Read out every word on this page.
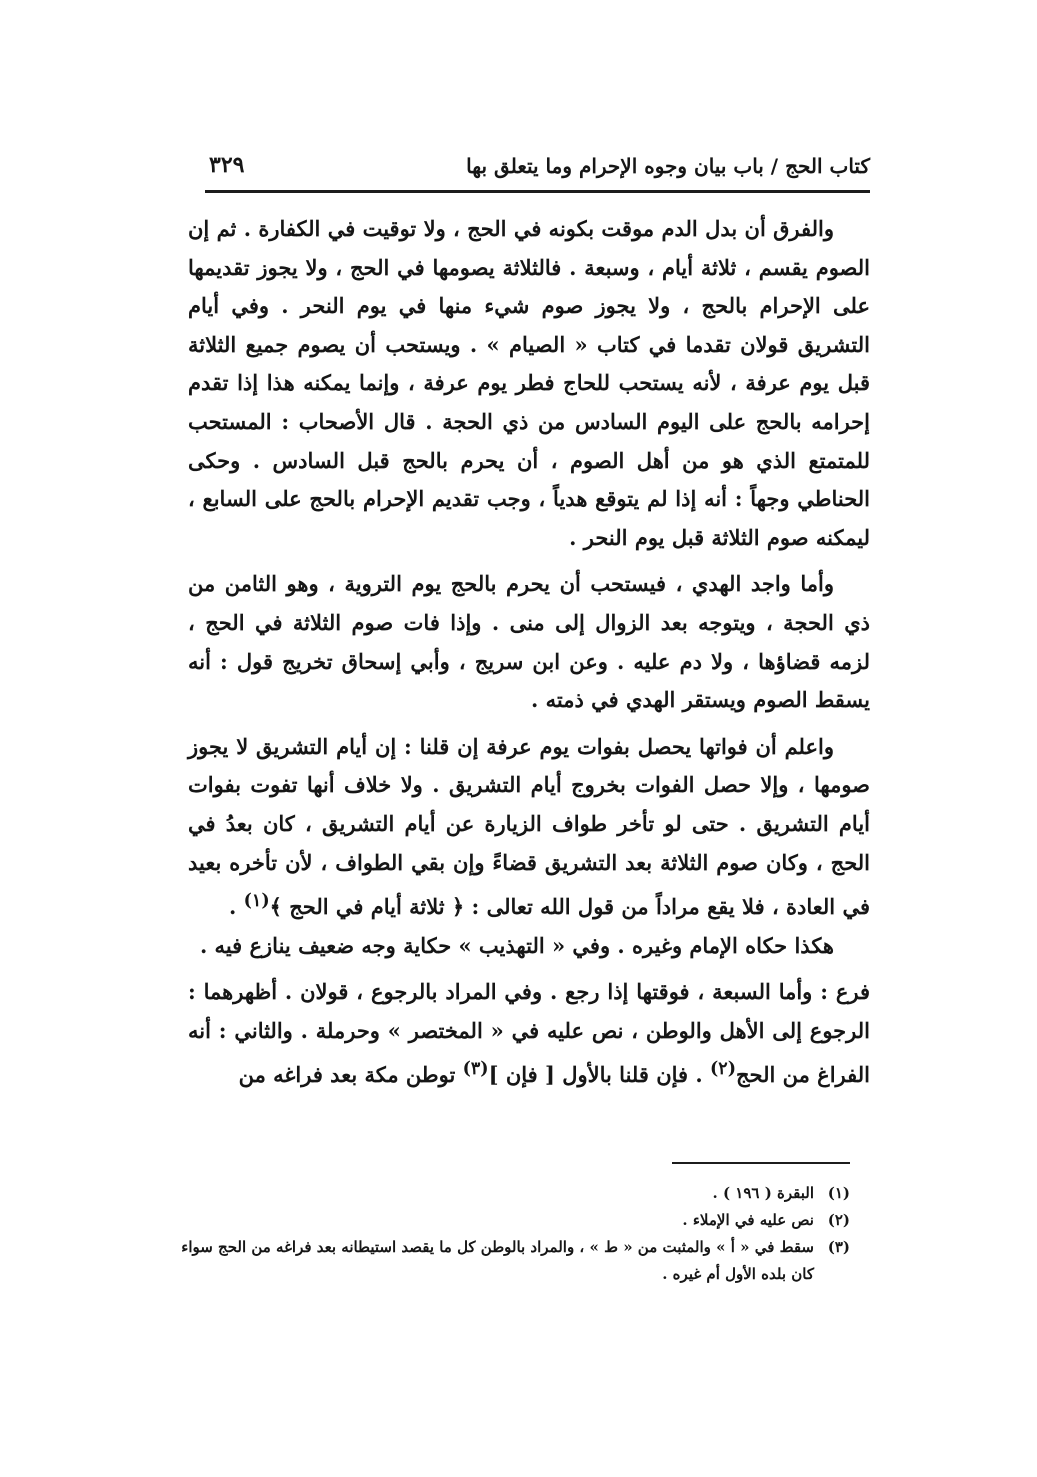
كتاب الحج / باب بيان وجوه الإحرام وما يتعلق بها
٣٢٩

والفرق أن بدل الدم موقت بكونه في الحج ، ولا توقيت في الكفارة . ثم إن الصوم يقسم ، ثلاثة أيام ، وسبعة . فالثلاثة يصومها في الحج ، ولا يجوز تقديمها على الإحرام بالحج ، ولا يجوز صوم شيء منها في يوم النحر . وفي أيام التشريق قولان تقدما في كتاب « الصيام » . ويستحب أن يصوم جميع الثلاثة قبل يوم عرفة ، لأنه يستحب للحاج فطر يوم عرفة ، وإنما يمكنه هذا إذا تقدم إحرامه بالحج على اليوم السادس من ذي الحجة . قال الأصحاب : المستحب للمتمتع الذي هو من أهل الصوم ، أن يحرم بالحج قبل السادس . وحكى الحناطي وجهاً : أنه إذا لم يتوقع هدياً ، وجب تقديم الإحرام بالحج على السابع ، ليمكنه صوم الثلاثة قبل يوم النحر .

وأما واجد الهدي ، فيستحب أن يحرم بالحج يوم التروية ، وهو الثامن من ذي الحجة ، ويتوجه بعد الزوال إلى منى . وإذا فات صوم الثلاثة في الحج ، لزمه قضاؤها ، ولا دم عليه . وعن ابن سريج ، وأبي إسحاق تخريج قول : أنه يسقط الصوم ويستقر الهدي في ذمته .

واعلم أن فواتها يحصل بفوات يوم عرفة إن قلنا : إن أيام التشريق لا يجوز صومها ، وإلا حصل الفوات بخروج أيام التشريق . ولا خلاف أنها تفوت بفوات أيام التشريق . حتى لو تأخر طواف الزيارة عن أيام التشريق ، كان بعدُ في الحج ، وكان صوم الثلاثة بعد التشريق قضاءً وإن بقي الطواف ، لأن تأخره بعيد في العادة ، فلا يقع مراداً من قول الله تعالى : ﴿ ثلاثة أيام في الحج ﴾$^{(١)}$ .

هكذا حكاه الإمام وغيره . وفي « التهذيب » حكاية وجه ضعيف ينازع فيه .

فرع : وأما السبعة ، فوقتها إذا رجع . وفي المراد بالرجوع ، قولان . أظهرهما : الرجوع إلى الأهل والوطن ، نص عليه في « المختصر » وحرملة . والثاني : أنه الفراغ من الحج$^{(٢)}$ . فإن قلنا بالأول [ فإن ]$^{(٣)}$ توطن مكة بعد فراغه من

(١)البقرة ( ١٩٦ ) .

(٢)نص عليه في الإملاء .

(٣)سقط في « أ » والمثبت من « ط » ، والمراد بالوطن كل ما يقصد استيطانه بعد فراغه من الحج سواء كان بلده الأول أم غيره .
